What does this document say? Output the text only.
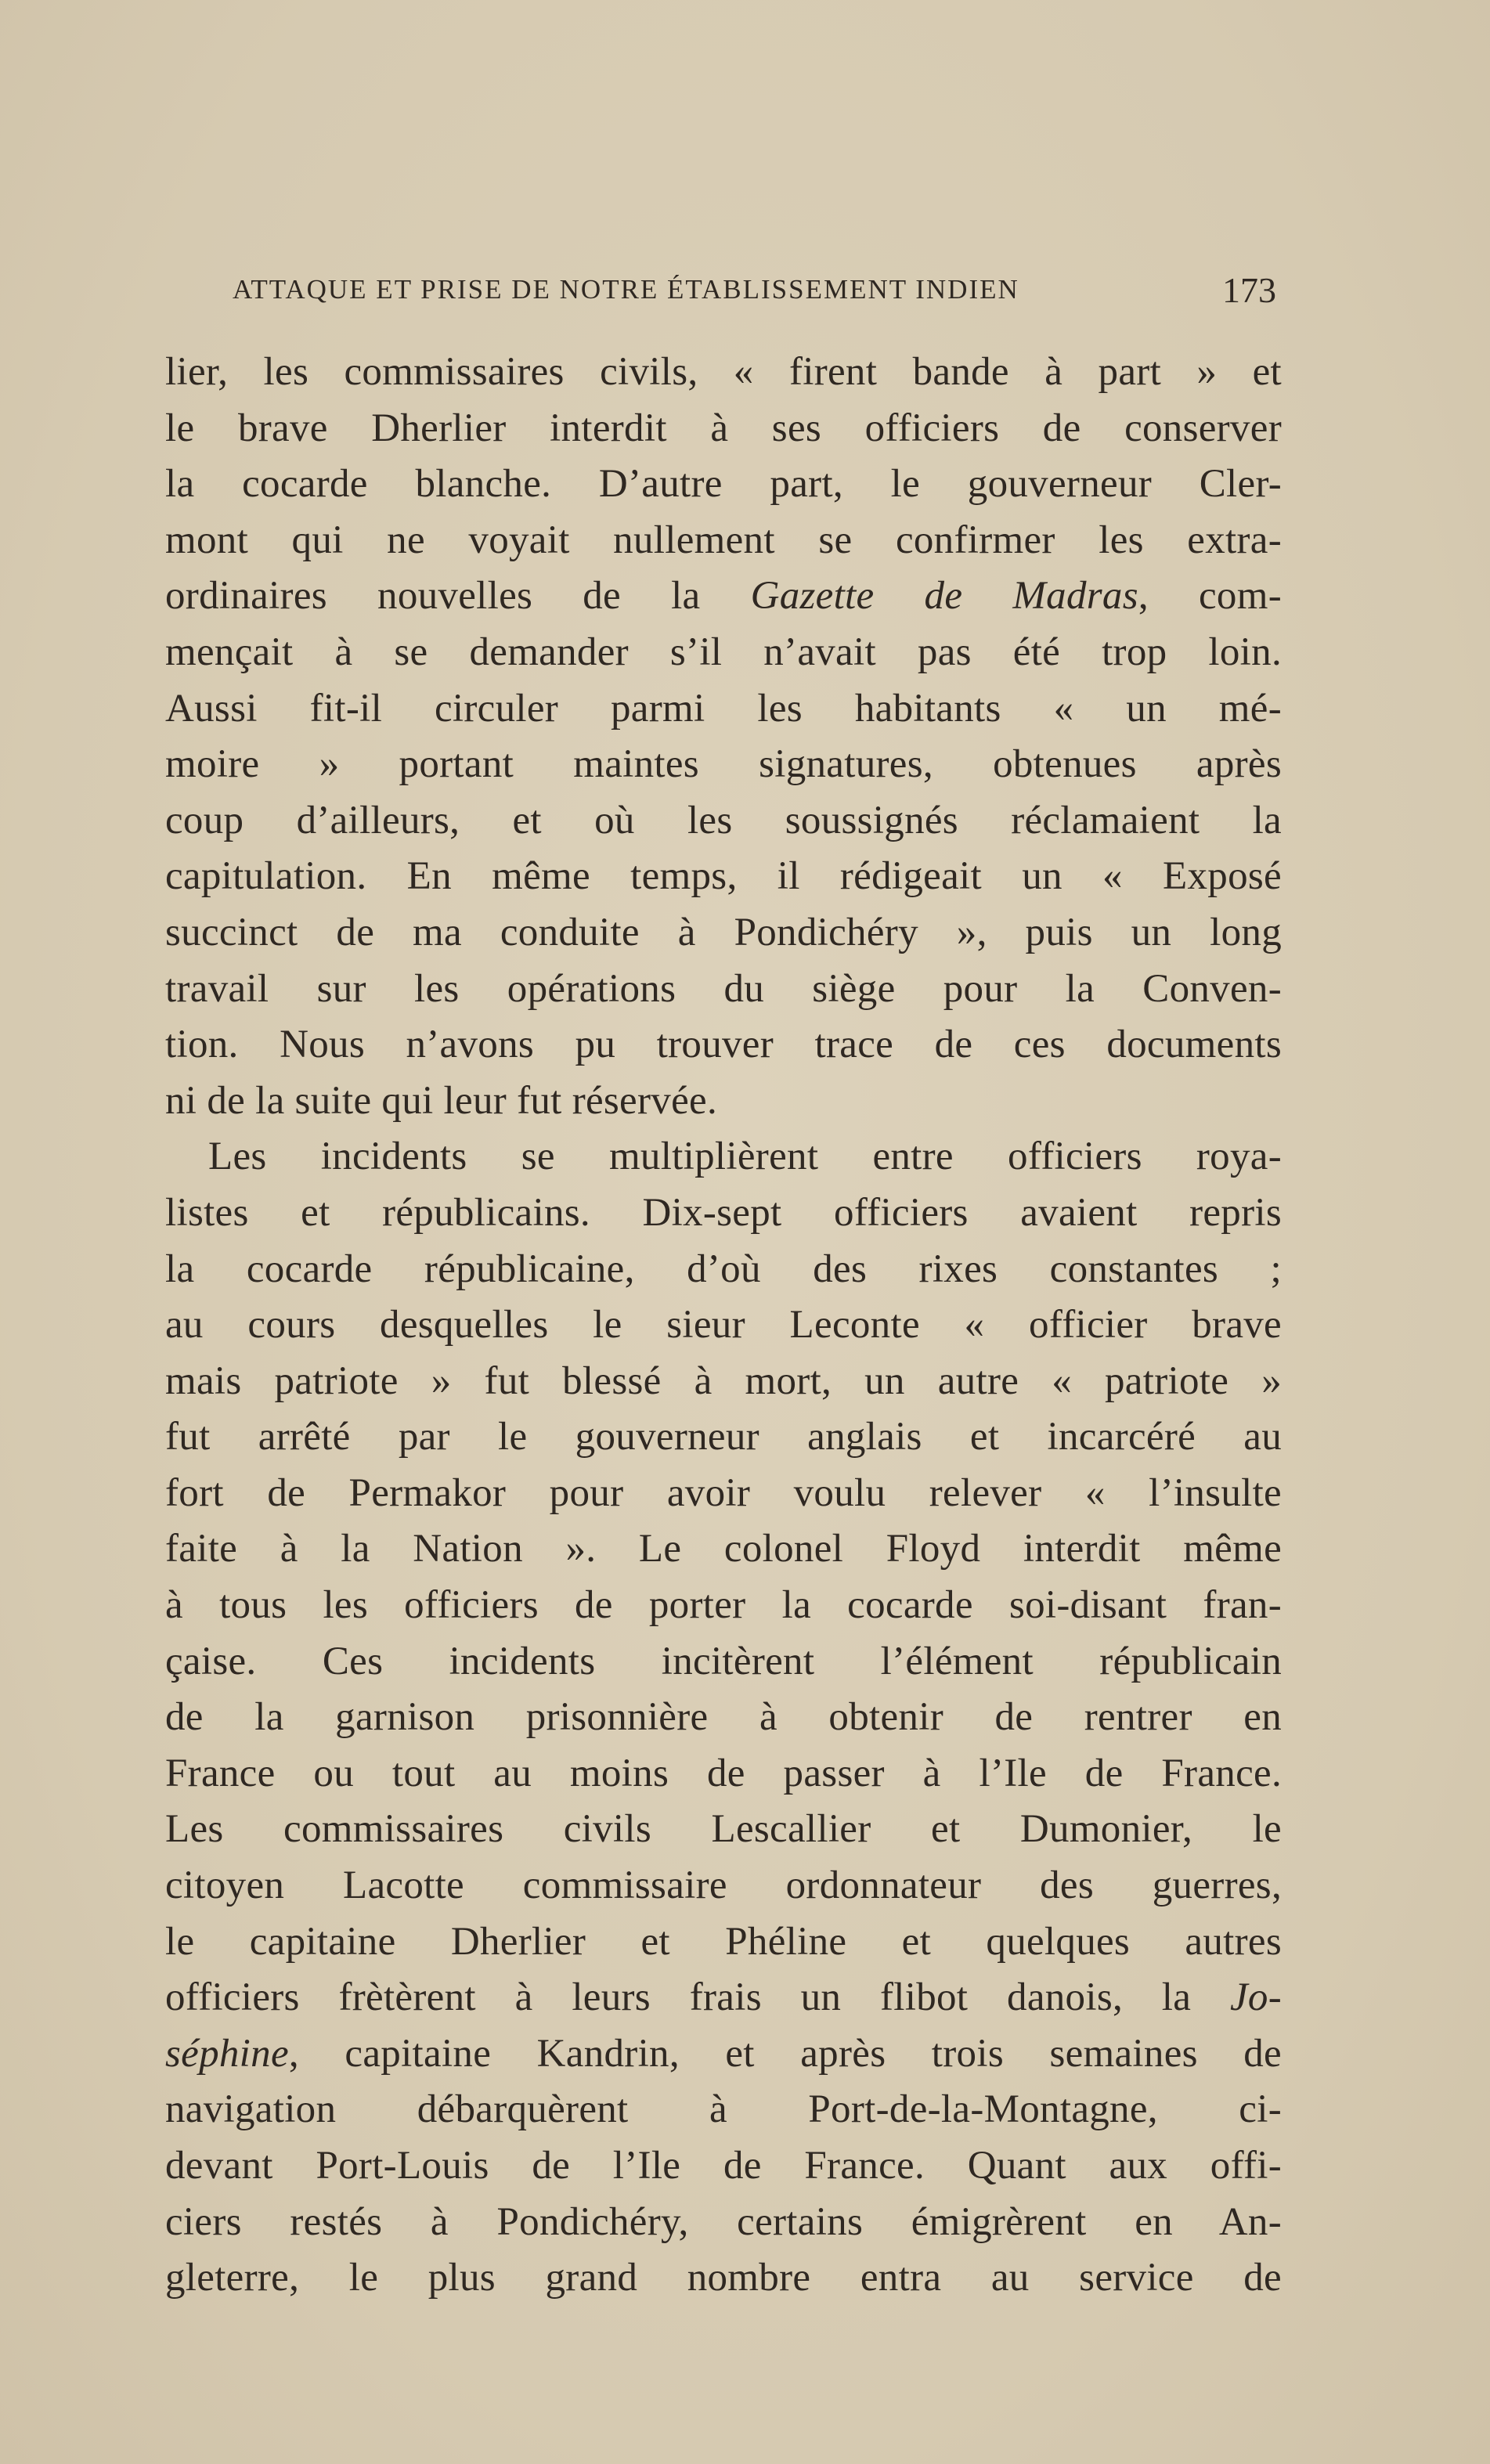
ATTAQUE ET PRISE DE NOTRE ÉTABLISSEMENT INDIEN	173
lier, les commissaires civils, « firent bande à part » et
le brave Dherlier interdit à ses officiers de conserver
la cocarde blanche. D’autre part, le gouverneur Cler-
mont qui ne voyait nullement se confirmer les extra-
ordinaires nouvelles de la Gazette de Madras, com-
mençait à se demander s’il n’avait pas été trop loin.
Aussi fit-il circuler parmi les habitants « un mé-
moire » portant maintes signatures, obtenues après
coup d’ailleurs, et où les soussignés réclamaient la
capitulation. En même temps, il rédigeait un « Exposé
succinct de ma conduite à Pondichéry », puis un long
travail sur les opérations du siège pour la Conven-
tion. Nous n’avons pu trouver trace de ces documents
ni de la suite qui leur fut réservée.
Les incidents se multiplièrent entre officiers roya-
listes et républicains. Dix-sept officiers avaient repris
la cocarde républicaine, d’où des rixes constantes ;
au cours desquelles le sieur Leconte « officier brave
mais patriote » fut blessé à mort, un autre « patriote »
fut arrêté par le gouverneur anglais et incarcéré au
fort de Permakor pour avoir voulu relever « l’insulte
faite à la Nation ». Le colonel Floyd interdit même
à tous les officiers de porter la cocarde soi-disant fran-
çaise. Ces incidents incitèrent l’élément républicain
de la garnison prisonnière à obtenir de rentrer en
France ou tout au moins de passer à l’Ile de France.
Les commissaires civils Lescallier et Dumonier, le
citoyen Lacotte commissaire ordonnateur des guerres,
le capitaine Dherlier et Phéline et quelques autres
officiers frètèrent à leurs frais un flibot danois, la Jo-
séphine, capitaine Kandrin, et après trois semaines de
navigation débarquèrent à Port-de-la-Montagne, ci-
devant Port-Louis de l’Ile de France. Quant aux offi-
ciers restés à Pondichéry, certains émigrèrent en An-
gleterre, le plus grand nombre entra au service de
